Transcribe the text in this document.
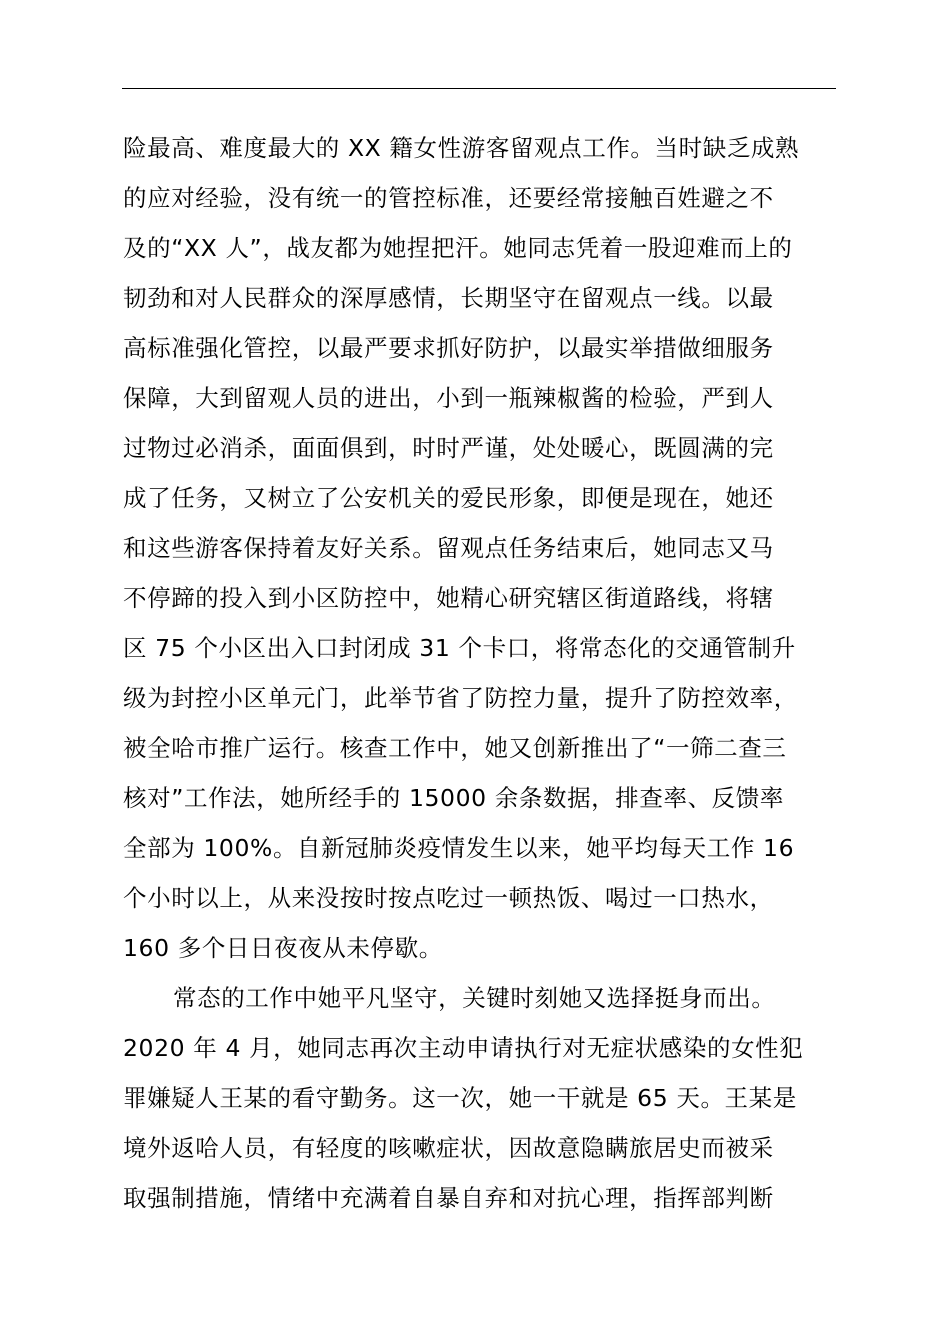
险最高、难度最大的 XX 籍女性游客留观点工作。当时缺乏成熟
的应对经验，没有统一的管控标准，还要经常接触百姓避之不
及的“XX 人”，战友都为她捏把汗。她同志凭着一股迎难而上的
韧劲和对人民群众的深厚感情，长期坚守在留观点一线。以最
高标准强化管控，以最严要求抓好防护，以最实举措做细服务
保障，大到留观人员的进出，小到一瓶辣椒酱的检验，严到人
过物过必消杀，面面俱到，时时严谨，处处暖心，既圆满的完
成了任务，又树立了公安机关的爱民形象，即便是现在，她还
和这些游客保持着友好关系。留观点任务结束后，她同志又马
不停蹄的投入到小区防控中，她精心研究辖区街道路线，将辖
区 75 个小区出入口封闭成 31 个卡口，将常态化的交通管制升
级为封控小区单元门，此举节省了防控力量，提升了防控效率，
被全哈市推广运行。核查工作中，她又创新推出了“一筛二查三
核对”工作法，她所经手的 15000 余条数据，排查率、反馈率
全部为 100%。自新冠肺炎疫情发生以来，她平均每天工作 16
个小时以上，从来没按时按点吃过一顿热饭、喝过一口热水，
160 多个日日夜夜从未停歇。
常态的工作中她平凡坚守，关键时刻她又选择挺身而出。
2020 年 4 月，她同志再次主动申请执行对无症状感染的女性犯
罪嫌疑人王某的看守勤务。这一次，她一干就是 65 天。王某是
境外返哈人员，有轻度的咳嗽症状，因故意隐瞒旅居史而被采
取强制措施，情绪中充满着自暴自弃和对抗心理，指挥部判断
